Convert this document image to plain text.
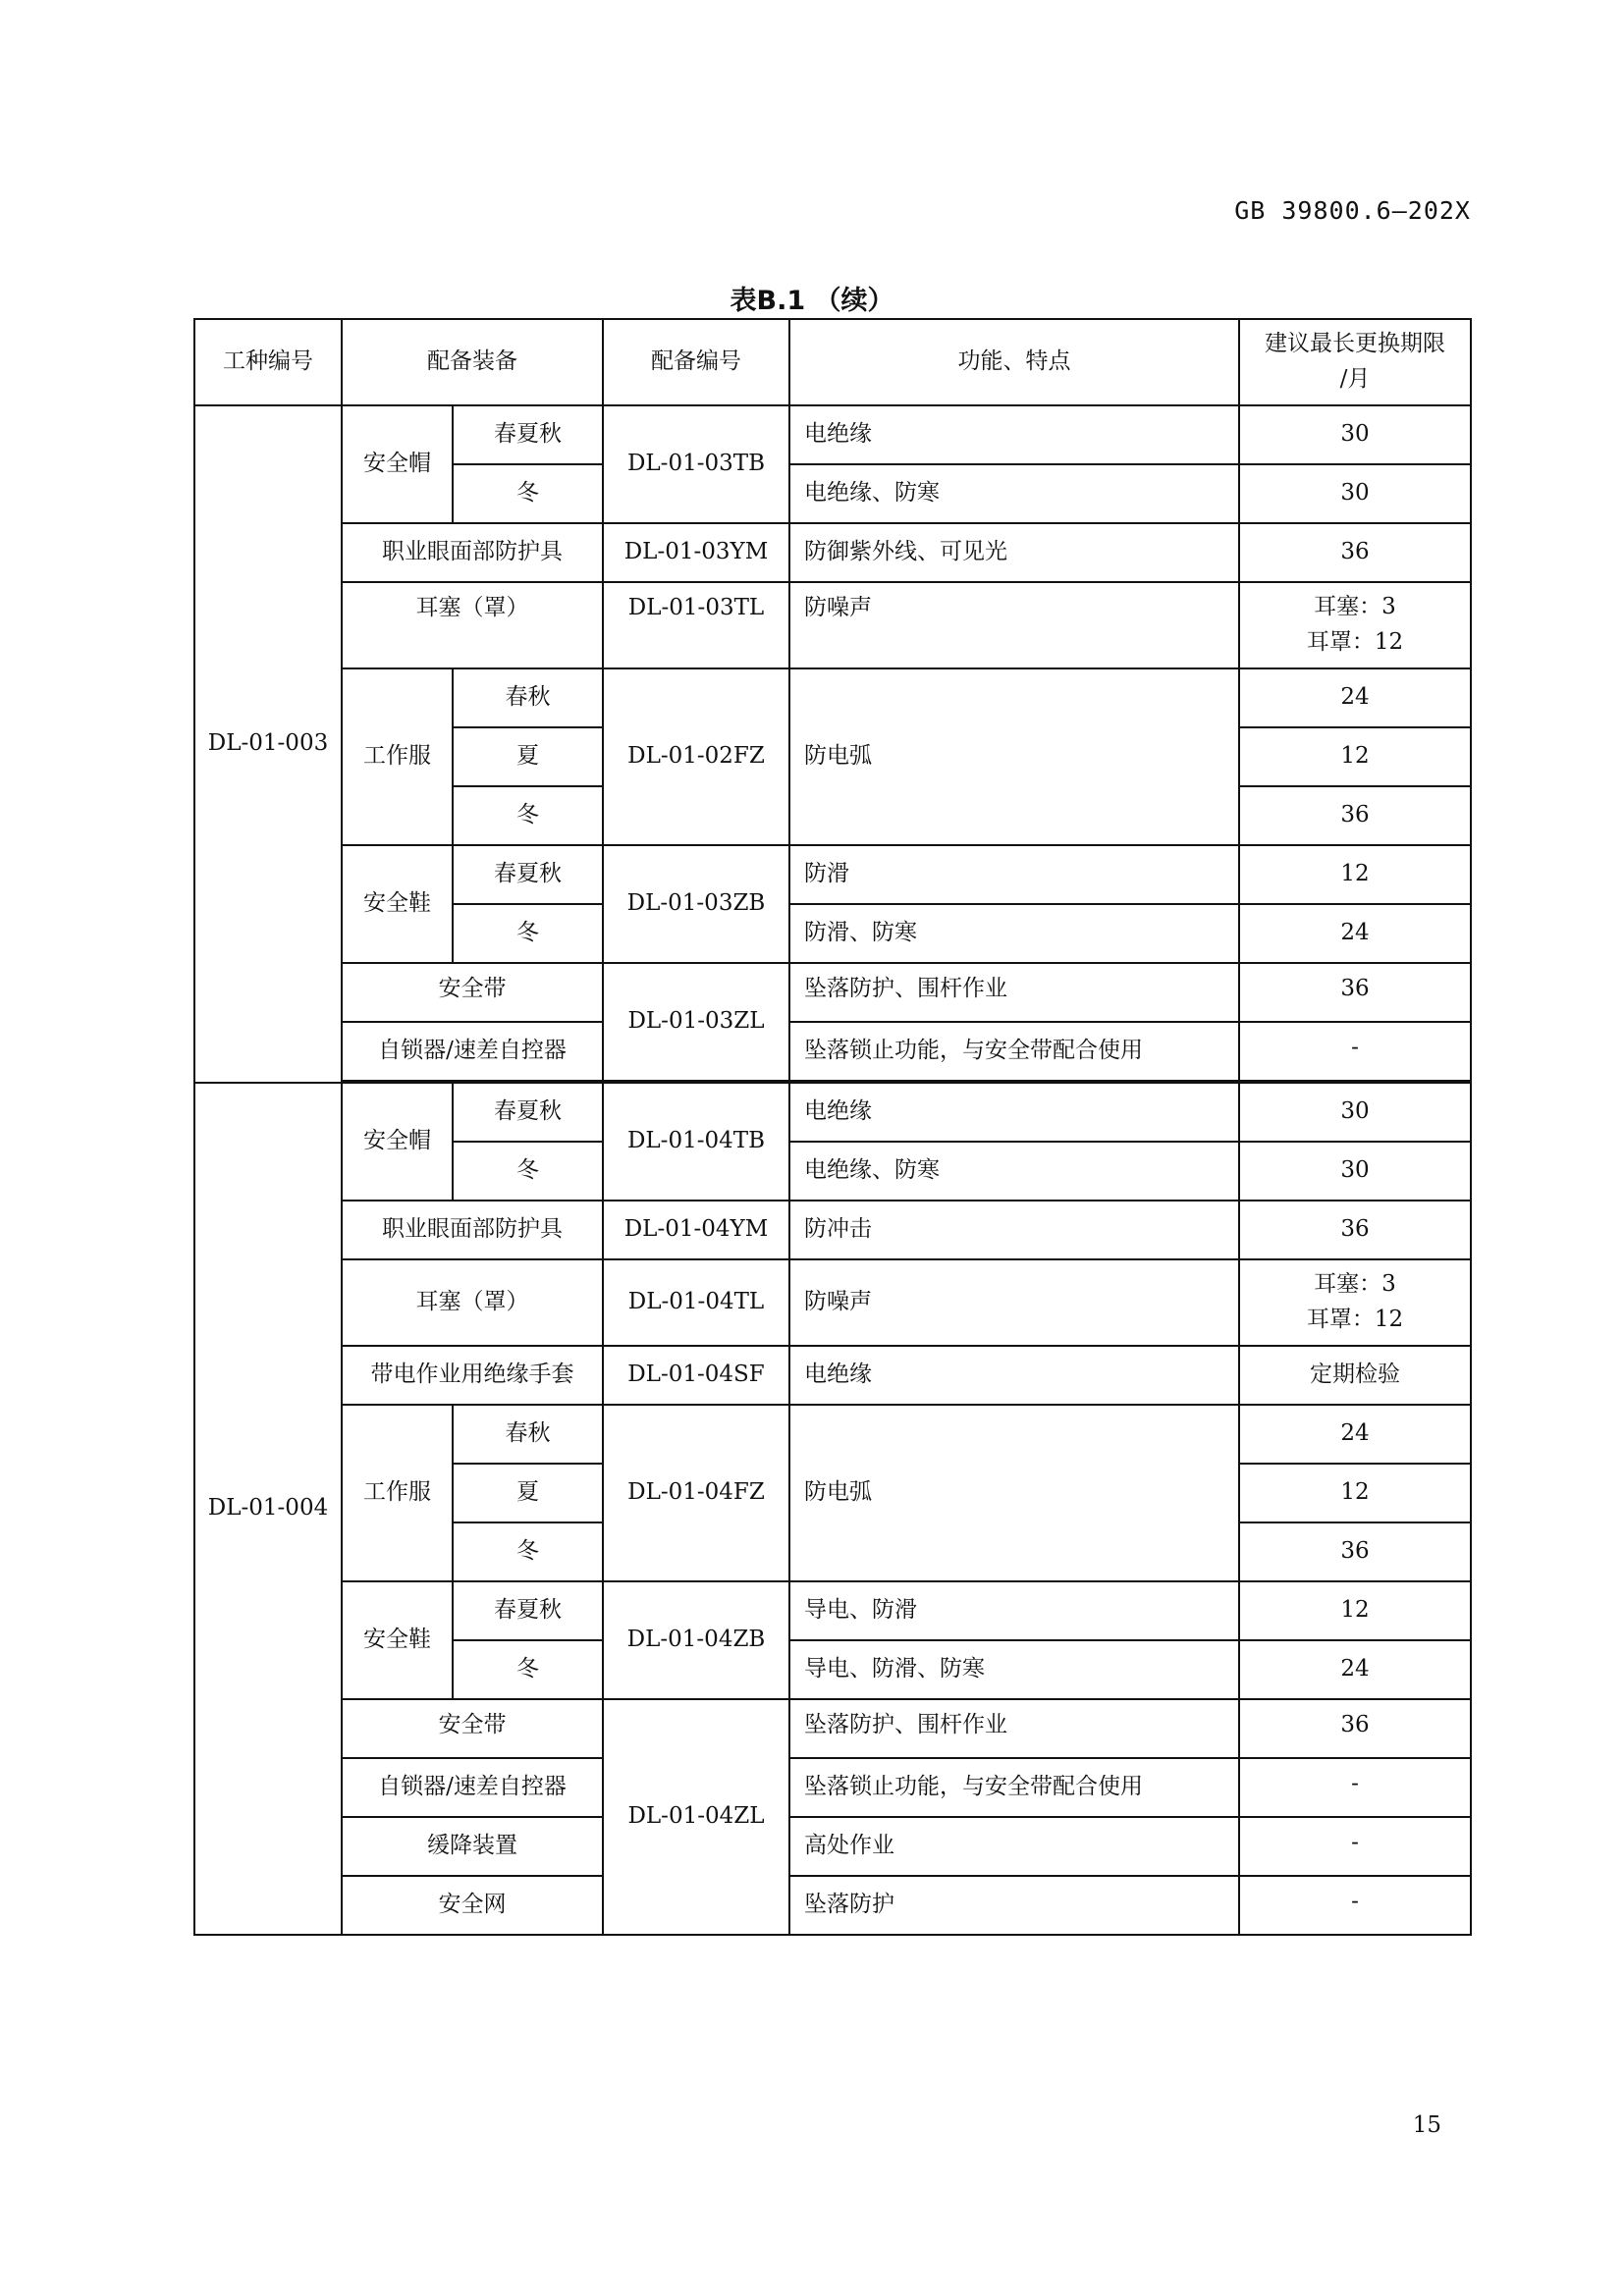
GB 39800.6—202X
表B.1 （续）
工种编号	配备装备		配备编号	功能、特点	建议最长更换期限
/月
DL-01-003	安全帽	春夏秋	DL-01-03TB	电绝缘	30
		冬		电绝缘、防寒	30
	职业眼面部防护具		DL-01-03YM	防御紫外线、可见光	36
	耳塞（罩）		DL-01-03TL	防噪声	耳塞：3
耳罩：12
	工作服	春秋	DL-01-02FZ	防电弧	24
		夏			12
		冬			36
	安全鞋	春夏秋	DL-01-03ZB	防滑	12
		冬		防滑、防寒	24
	安全带		DL-01-03ZL	坠落防护、围杆作业	36
	自锁器/速差自控器			坠落锁止功能，与安全带配合使用	-

DL-01-004	安全帽	春夏秋	DL-01-04TB	电绝缘	30
		冬		电绝缘、防寒	30
	职业眼面部防护具		DL-01-04YM	防冲击	36
	耳塞（罩）		DL-01-04TL	防噪声	耳塞：3
耳罩：12
	带电作业用绝缘手套		DL-01-04SF	电绝缘	定期检验
	工作服	春秋	DL-01-04FZ	防电弧	24
		夏			12
		冬			36
	安全鞋	春夏秋	DL-01-04ZB	导电、防滑	12
		冬		导电、防滑、防寒	24
	安全带		DL-01-04ZL	坠落防护、围杆作业	36
	自锁器/速差自控器			坠落锁止功能，与安全带配合使用	-
	缓降装置			高处作业	-
	安全网			坠落防护	-
15
